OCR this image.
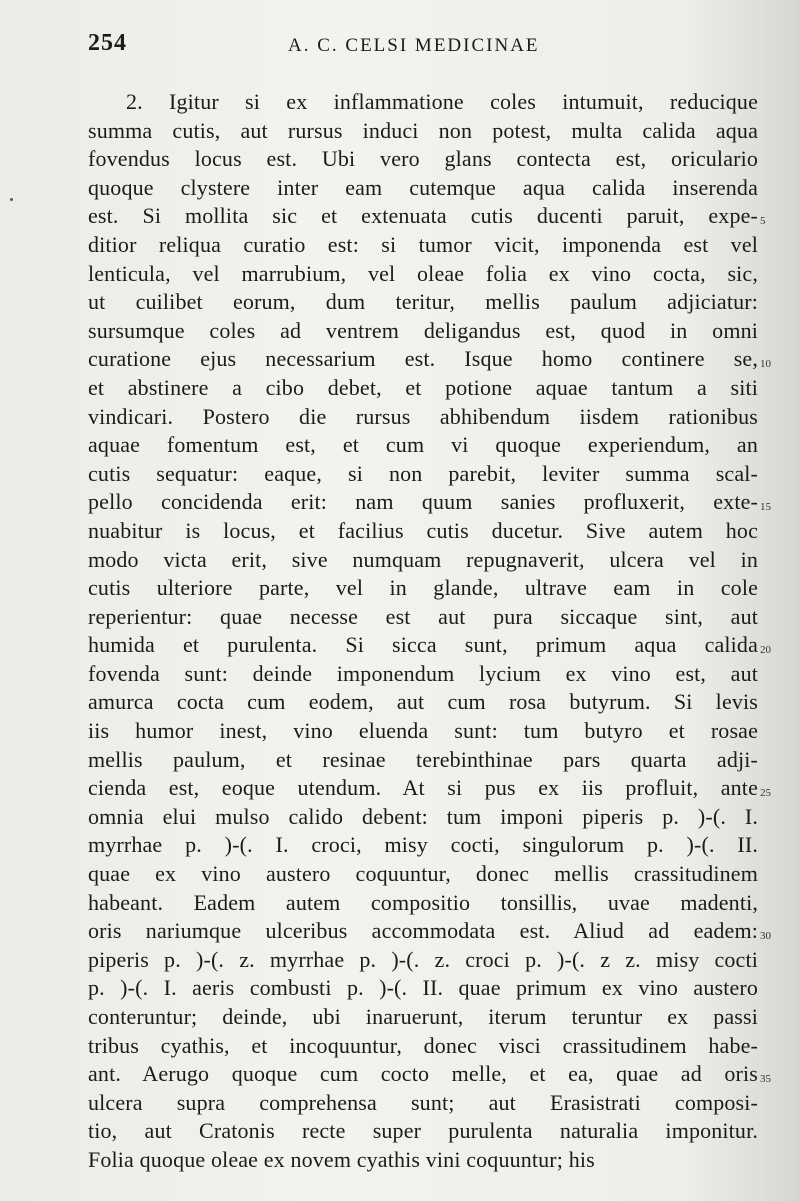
254	A. C. CELSI MEDICINAE
2. Igitur si ex inflammatione coles intumuit, reducique
summa cutis, aut rursus induci non potest, multa calida aqua
fovendus locus est. Ubi vero glans contecta est, oriculario
quoque clystere inter eam cutemque aqua calida inserenda
est. Si mollita sic et extenuata cutis ducenti paruit, expe-
ditior reliqua curatio est: si tumor vicit, imponenda est vel
lenticula, vel marrubium, vel oleae folia ex vino cocta, sic,
ut cuilibet eorum, dum teritur, mellis paulum adjiciatur:
sursumque coles ad ventrem deligandus est, quod in omni
curatione ejus necessarium est. Isque homo continere se,
et abstinere a cibo debet, et potione aquae tantum a siti
vindicari. Postero die rursus abhibendum iisdem rationibus
aquae fomentum est, et cum vi quoque experiendum, an
cutis sequatur: eaque, si non parebit, leviter summa scal-
pello concidenda erit: nam quum sanies profluxerit, exte-
nuabitur is locus, et facilius cutis ducetur. Sive autem hoc
modo victa erit, sive numquam repugnaverit, ulcera vel in
cutis ulteriore parte, vel in glande, ultrave eam in cole
reperientur: quae necesse est aut pura siccaque sint, aut
humida et purulenta. Si sicca sunt, primum aqua calida
fovenda sunt: deinde imponendum lycium ex vino est, aut
amurca cocta cum eodem, aut cum rosa butyrum. Si levis
iis humor inest, vino eluenda sunt: tum butyro et rosae
mellis paulum, et resinae terebinthinae pars quarta adji-
cienda est, eoque utendum. At si pus ex iis profluit, ante
omnia elui mulso calido debent: tum imponi piperis p. )-(. I.
myrrhae p. )-(. I. croci, misy cocti, singulorum p. )-(. II.
quae ex vino austero coquuntur, donec mellis crassitudinem
habeant. Eadem autem compositio tonsillis, uvae madenti,
oris nariumque ulceribus accommodata est. Aliud ad eadem:
piperis p. )-(. z. myrrhae p. )-(. z. croci p. )-(. z z. misy cocti
p. )-(. I. aeris combusti p. )-(. II. quae primum ex vino austero
conteruntur; deinde, ubi inaruerunt, iterum teruntur ex passi
tribus cyathis, et incoquuntur, donec visci crassitudinem habe-
ant. Aerugo quoque cum cocto melle, et ea, quae ad oris
ulcera supra comprehensa sunt; aut Erasistrati composi-
tio, aut Cratonis recte super purulenta naturalia imponitur.
Folia quoque oleae ex novem cyathis vini coquuntur; his
5
10
15
20
25
30
35
